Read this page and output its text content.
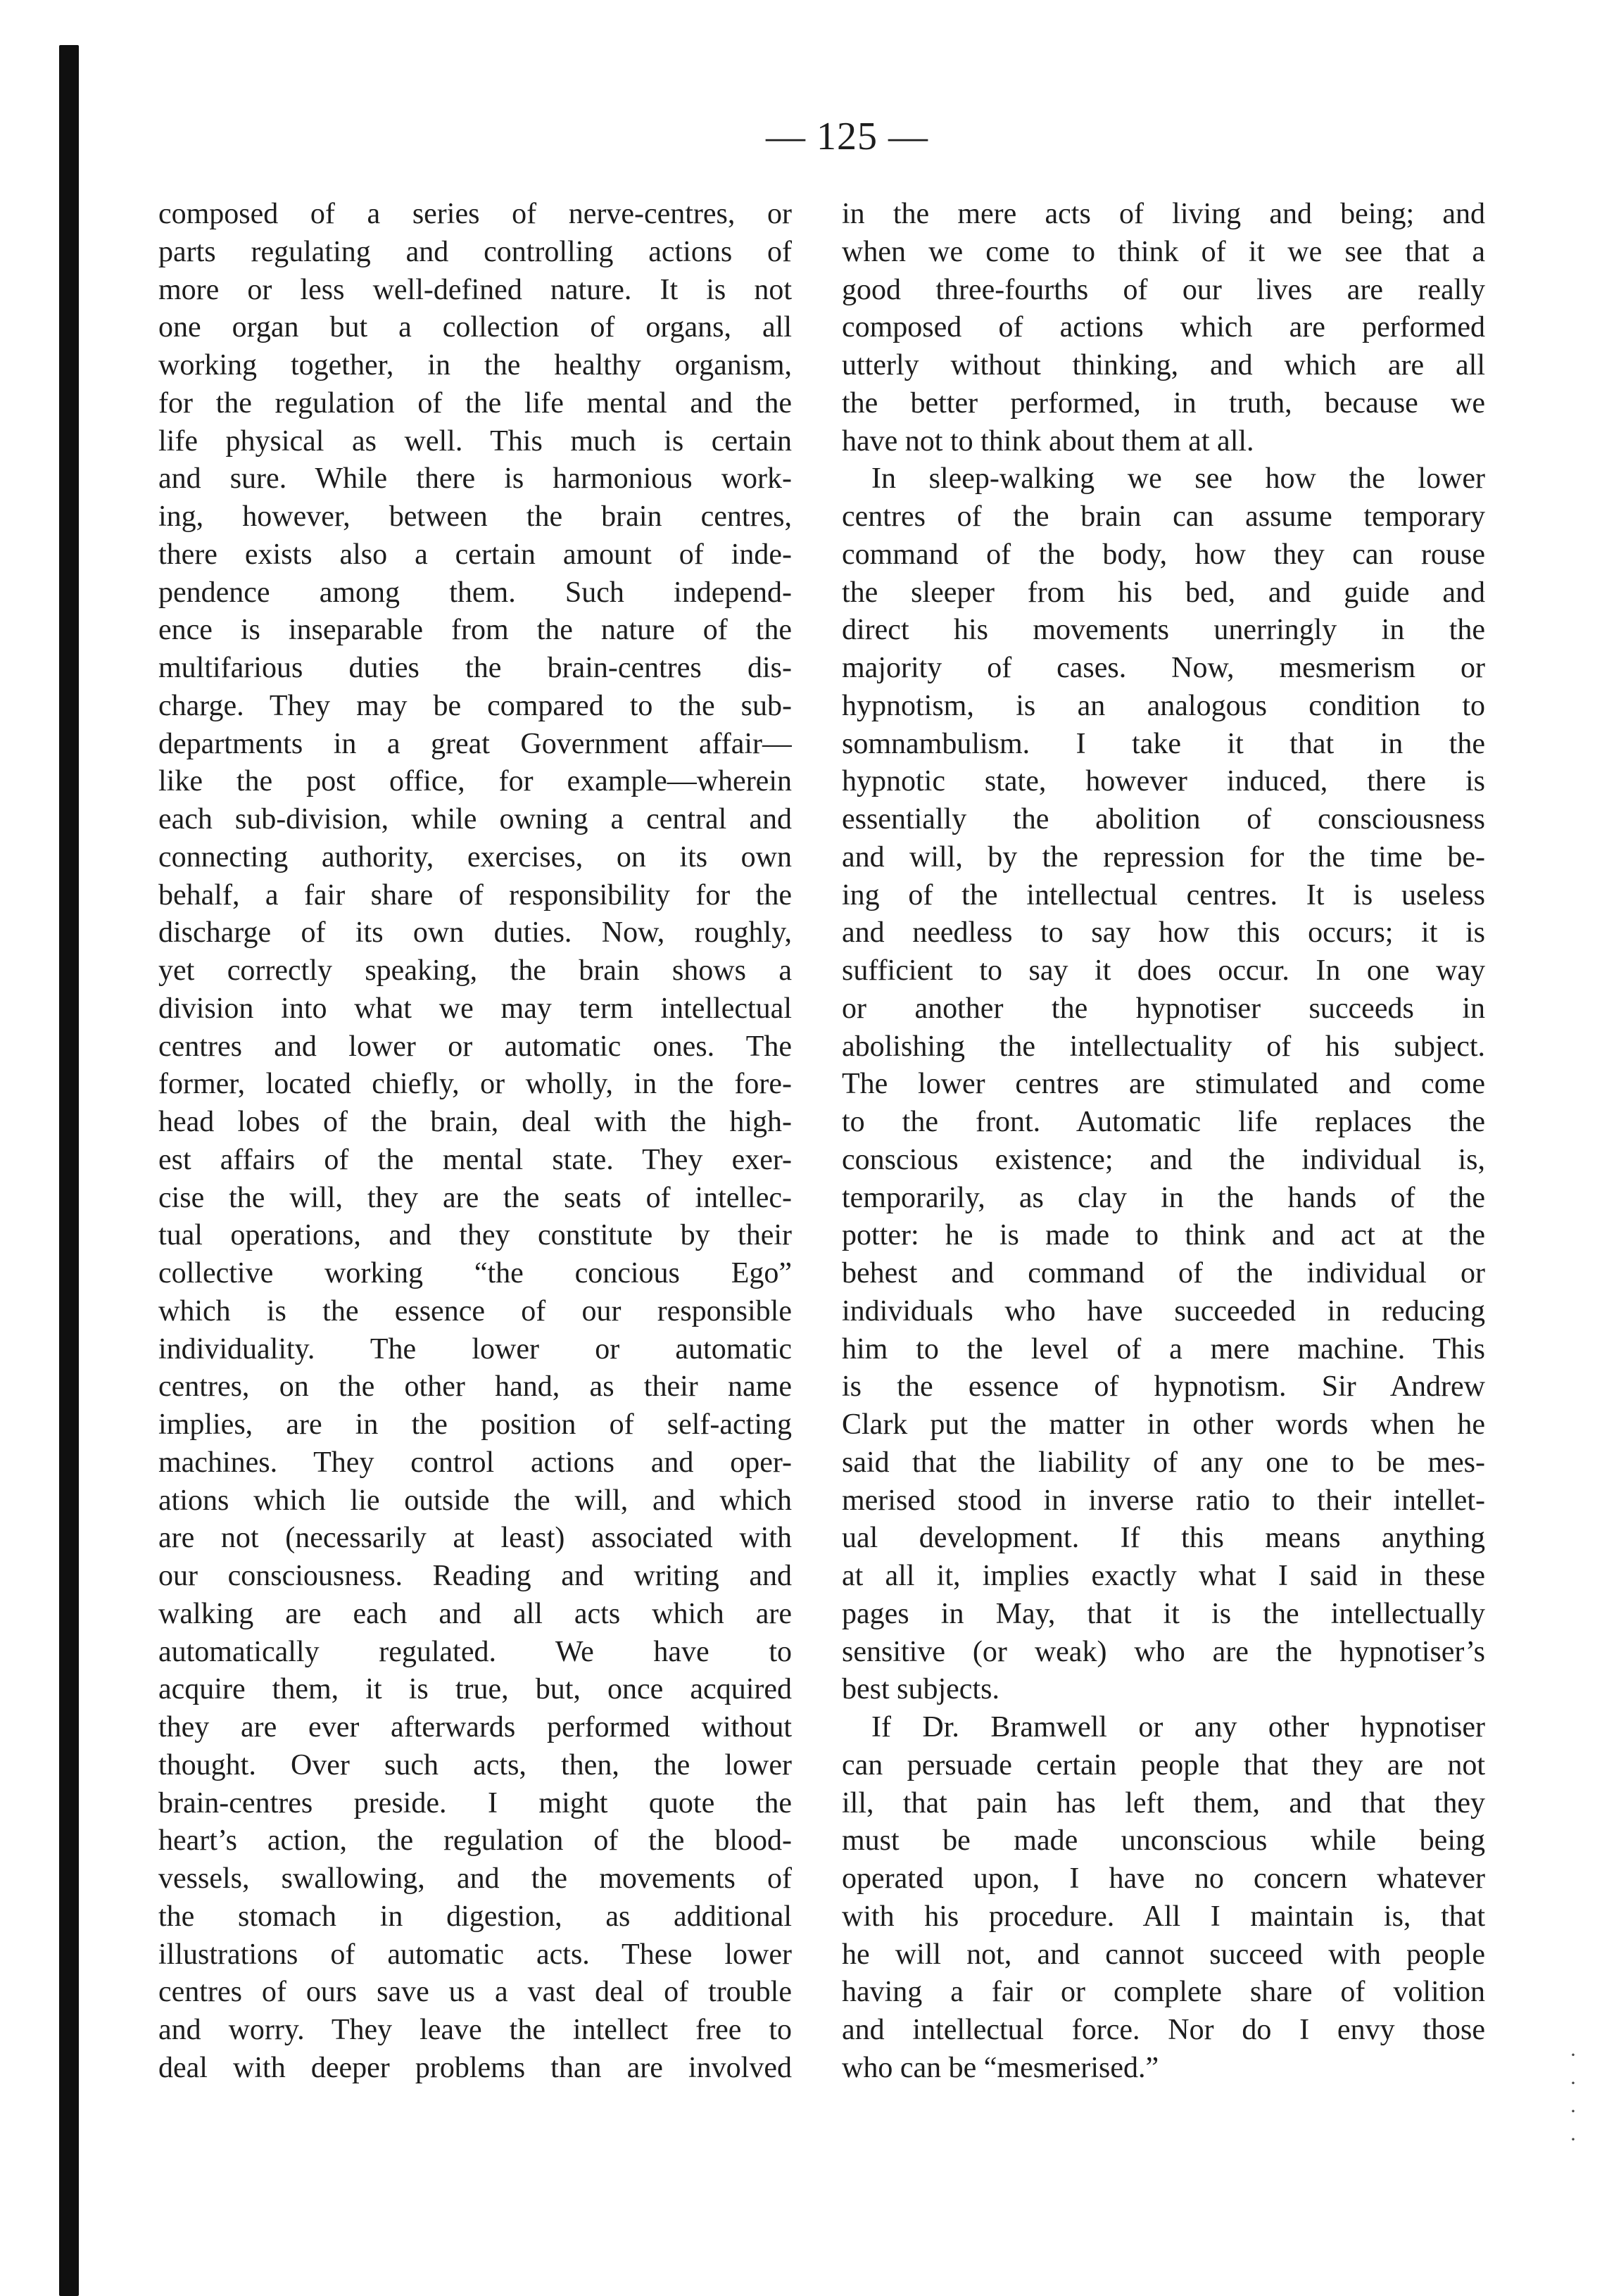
— 125 —
composed of a series of nerve-centres, or
parts regulating and controlling actions of
more or less well-defined nature. It is not
one organ but a collection of organs, all
working together, in the healthy organism,
for the regulation of the life mental and the
life physical as well. This much is certain
and sure. While there is harmonious work-
ing, however, between the brain centres,
there exists also a certain amount of inde-
pendence among them. Such independ-
ence is inseparable from the nature of the
multifarious duties the brain-centres dis-
charge. They may be compared to the sub-
departments in a great Government affair—
like the post office, for example—wherein
each sub-division, while owning a central and
connecting authority, exercises, on its own
behalf, a fair share of responsibility for the
discharge of its own duties. Now, roughly,
yet correctly speaking, the brain shows a
division into what we may term intellectual
centres and lower or automatic ones. The
former, located chiefly, or wholly, in the fore-
head lobes of the brain, deal with the high-
est affairs of the mental state. They exer-
cise the will, they are the seats of intellec-
tual operations, and they constitute by their
collective working “the concious Ego”
which is the essence of our responsible
individuality. The lower or automatic
centres, on the other hand, as their name
implies, are in the position of self-acting
machines. They control actions and oper-
ations which lie outside the will, and which
are not (necessarily at least) associated with
our consciousness. Reading and writing and
walking are each and all acts which are
automatically regulated. We have to
acquire them, it is true, but, once acquired
they are ever afterwards performed without
thought. Over such acts, then, the lower
brain-centres preside. I might quote the
heart’s action, the regulation of the blood-
vessels, swallowing, and the movements of
the stomach in digestion, as additional
illustrations of automatic acts. These lower
centres of ours save us a vast deal of trouble
and worry. They leave the intellect free to
deal with deeper problems than are involved
in the mere acts of living and being; and
when we come to think of it we see that a
good three-fourths of our lives are really
composed of actions which are performed
utterly without thinking, and which are all
the better performed, in truth, because we
have not to think about them at all.
In sleep-walking we see how the lower
centres of the brain can assume temporary
command of the body, how they can rouse
the sleeper from his bed, and guide and
direct his movements unerringly in the
majority of cases. Now, mesmerism or
hypnotism, is an analogous condition to
somnambulism. I take it that in the
hypnotic state, however induced, there is
essentially the abolition of consciousness
and will, by the repression for the time be-
ing of the intellectual centres. It is useless
and needless to say how this occurs; it is
sufficient to say it does occur. In one way
or another the hypnotiser succeeds in
abolishing the intellectuality of his subject.
The lower centres are stimulated and come
to the front. Automatic life replaces the
conscious existence; and the individual is,
temporarily, as clay in the hands of the
potter: he is made to think and act at the
behest and command of the individual or
individuals who have succeeded in reducing
him to the level of a mere machine. This
is the essence of hypnotism. Sir Andrew
Clark put the matter in other words when he
said that the liability of any one to be mes-
merised stood in inverse ratio to their intellet-
ual development. If this means anything
at all it, implies exactly what I said in these
pages in May, that it is the intellectually
sensitive (or weak) who are the hypnotiser’s
best subjects.
If Dr. Bramwell or any other hypnotiser
can persuade certain people that they are not
ill, that pain has left them, and that they
must be made unconscious while being
operated upon, I have no concern whatever
with his procedure. All I maintain is, that
he will not, and cannot succeed with people
having a fair or complete share of volition
and intellectual force. Nor do I envy those
who can be “mesmerised.”	·
·
·
·
